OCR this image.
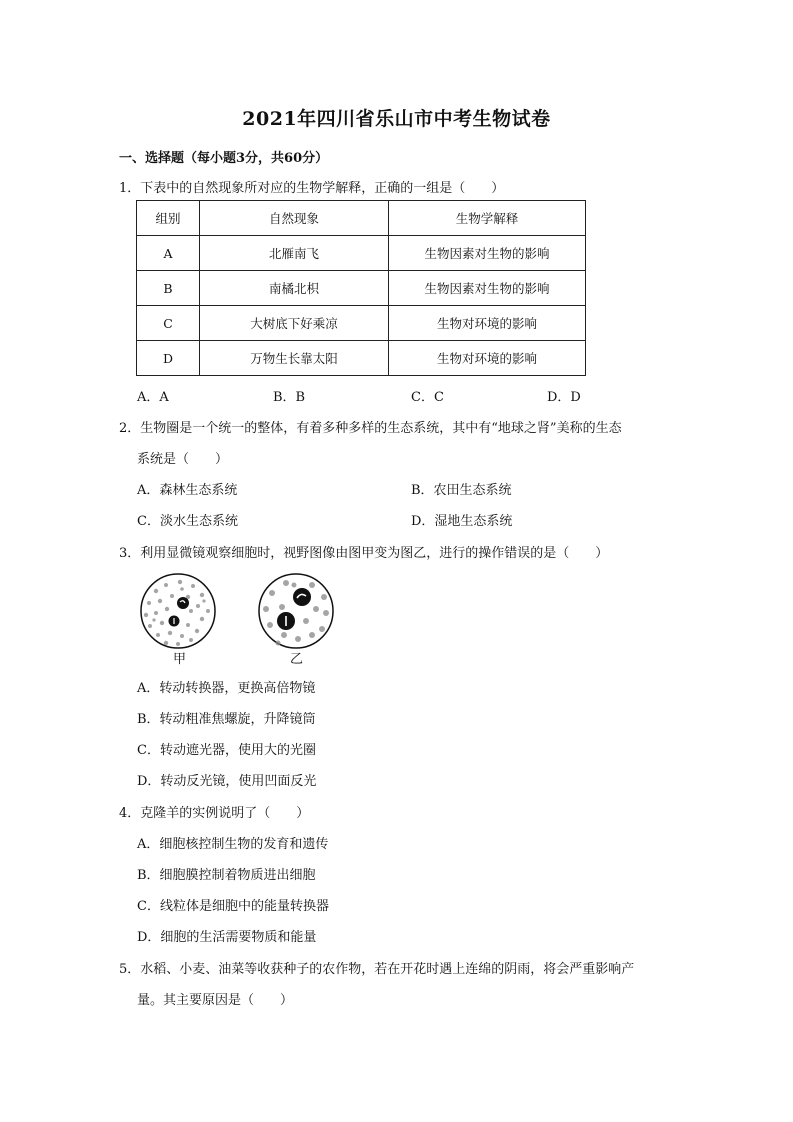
2021年四川省乐山市中考生物试卷
一、选择题（每小题3分，共60分）
1．下表中的自然现象所对应的生物学解释，正确的一组是（　　）
组别	自然现象	生物学解释
A	北雁南飞	生物因素对生物的影响
B	南橘北枳	生物因素对生物的影响
C	大树底下好乘凉	生物对环境的影响
D	万物生长靠太阳	生物对环境的影响
A．A	B．B	C．C	D．D
2．生物圈是一个统一的整体，有着多种多样的生态系统，其中有“地球之肾”美称的生态
系统是（　　）
A．森林生态系统	B．农田生态系统
C．淡水生态系统	D．湿地生态系统
3．利用显微镜观察细胞时，视野图像由图甲变为图乙，进行的操作错误的是（　　）
甲	乙
A．转动转换器，更换高倍物镜
B．转动粗准焦螺旋，升降镜筒
C．转动遮光器，使用大的光圈
D．转动反光镜，使用凹面反光
4．克隆羊的实例说明了（　　）
A．细胞核控制生物的发育和遗传
B．细胞膜控制着物质进出细胞
C．线粒体是细胞中的能量转换器
D．细胞的生活需要物质和能量
5．水稻、小麦、油菜等收获种子的农作物，若在开花时遇上连绵的阴雨，将会严重影响产
量。其主要原因是（　　）
